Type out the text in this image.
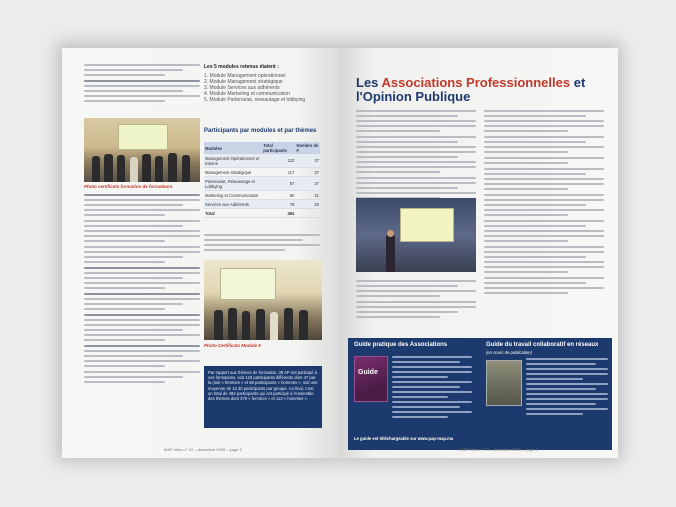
Photo certificats formation de formateurs
Les 5 modules retenus étaient :
1. Module Management opérationnel
2. Module Management stratégique
3. Module Services aux adhérents
4. Module Marketing et communication
5. Module Partenariat, réseautage et lobbying
Participants par modules et par thèmes
Modules	Total participants	Nombre de F
Management Opérationnel et Interne	132	37
Management stratégique	117	27
Partenariat, Réseautage et Lobbying	87	37
Marketing et Communication	80	21
Services aux Adhérents	78	26
Total	494	
Photo Certificats Module 5
Par rapport aux thèmes de formation, 38 AP ont participé à ces formations, soit 123 participants différents dont 47 par la (soit « femmes » et 56 participants « hommes », soit une moyenne de 12,30 participants par groupe. Au final, c'est un total de 492 participants qui ont participé à l'ensemble des thèmes dont 379 « femmes » et 113 « hommes ».
MAP Infos n° 13 – décembre 2009 – page 2
Les Associations Professionnelles et
l'Opinion Publique
Guide pratique des Associations
Guide
Le guide est téléchargeable sur www.pap-map.ma
Guide du travail collaboratif en réseaux
(en cours de publication)
MAP Infos n° 13 – décembre 2009 – page 3
